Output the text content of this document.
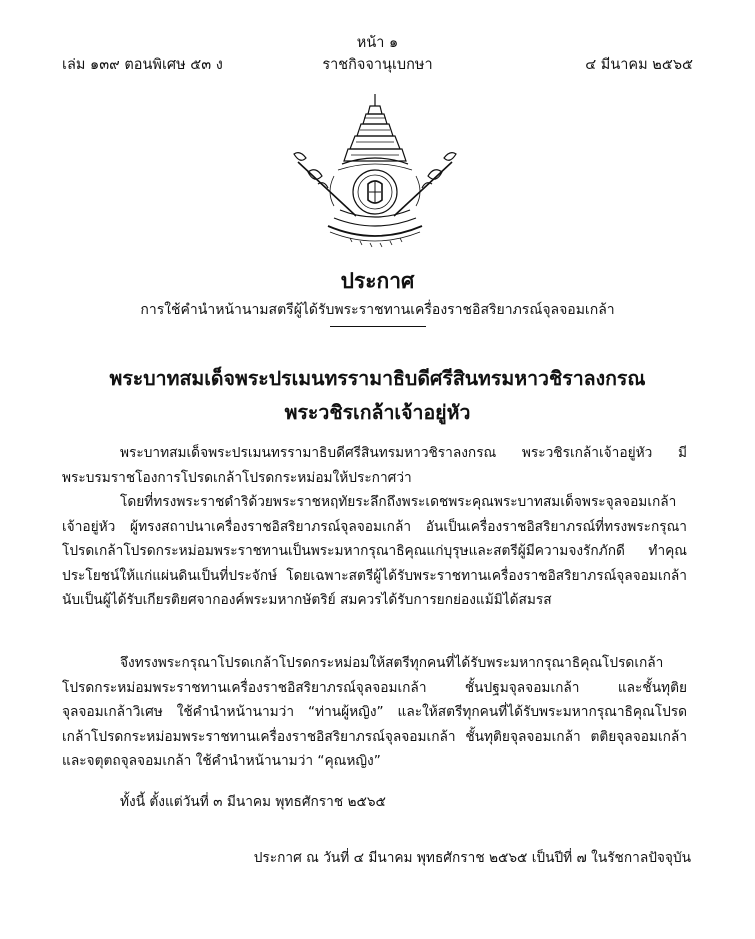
หน้า ๑
เล่ม ๑๓๙ ตอนพิเศษ ๕๓ ง	ราชกิจจานุเบกษา	๔ มีนาคม ๒๕๖๕
ประกาศ
การใช้คำนำหน้านามสตรีผู้ได้รับพระราชทานเครื่องราชอิสริยาภรณ์จุลจอมเกล้า
พระบาทสมเด็จพระปรเมนทรรามาธิบดีศรีสินทรมหาวชิราลงกรณ
พระวชิรเกล้าเจ้าอยู่หัว
พระบาทสมเด็จพระปรเมนทรรามาธิบดีศรีสินทรมหาวชิราลงกรณ พระวชิรเกล้าเจ้าอยู่หัว มีพระบรมราชโองการโปรดเกล้าโปรดกระหม่อมให้ประกาศว่า
โดยที่ทรงพระราชดำริด้วยพระราชหฤทัยระลึกถึงพระเดชพระคุณพระบาทสมเด็จพระจุลจอมเกล้าเจ้าอยู่หัว ผู้ทรงสถาปนาเครื่องราชอิสริยาภรณ์จุลจอมเกล้า อันเป็นเครื่องราชอิสริยาภรณ์ที่ทรงพระกรุณาโปรดเกล้าโปรดกระหม่อมพระราชทานเป็นพระมหากรุณาธิคุณแก่บุรุษและสตรีผู้มีความจงรักภักดี ทำคุณประโยชน์ให้แก่แผ่นดินเป็นที่ประจักษ์ โดยเฉพาะสตรีผู้ได้รับพระราชทานเครื่องราชอิสริยาภรณ์จุลจอมเกล้า นับเป็นผู้ได้รับเกียรติยศจากองค์พระมหากษัตริย์ สมควรได้รับการยกย่องแม้มิได้สมรส
จึงทรงพระกรุณาโปรดเกล้าโปรดกระหม่อมให้สตรีทุกคนที่ได้รับพระมหากรุณาธิคุณโปรดเกล้าโปรดกระหม่อมพระราชทานเครื่องราชอิสริยาภรณ์จุลจอมเกล้า ชั้นปฐมจุลจอมเกล้า และชั้นทุติยจุลจอมเกล้าวิเศษ ใช้คำนำหน้านามว่า “ท่านผู้หญิง” และให้สตรีทุกคนที่ได้รับพระมหากรุณาธิคุณโปรดเกล้าโปรดกระหม่อมพระราชทานเครื่องราชอิสริยาภรณ์จุลจอมเกล้า ชั้นทุติยจุลจอมเกล้า ตติยจุลจอมเกล้า และจตุตถจุลจอมเกล้า ใช้คำนำหน้านามว่า “คุณหญิง”
ทั้งนี้ ตั้งแต่วันที่ ๓ มีนาคม พุทธศักราช ๒๕๖๕
ประกาศ ณ วันที่ ๔ มีนาคม พุทธศักราช ๒๕๖๕ เป็นปีที่ ๗ ในรัชกาลปัจจุบัน
